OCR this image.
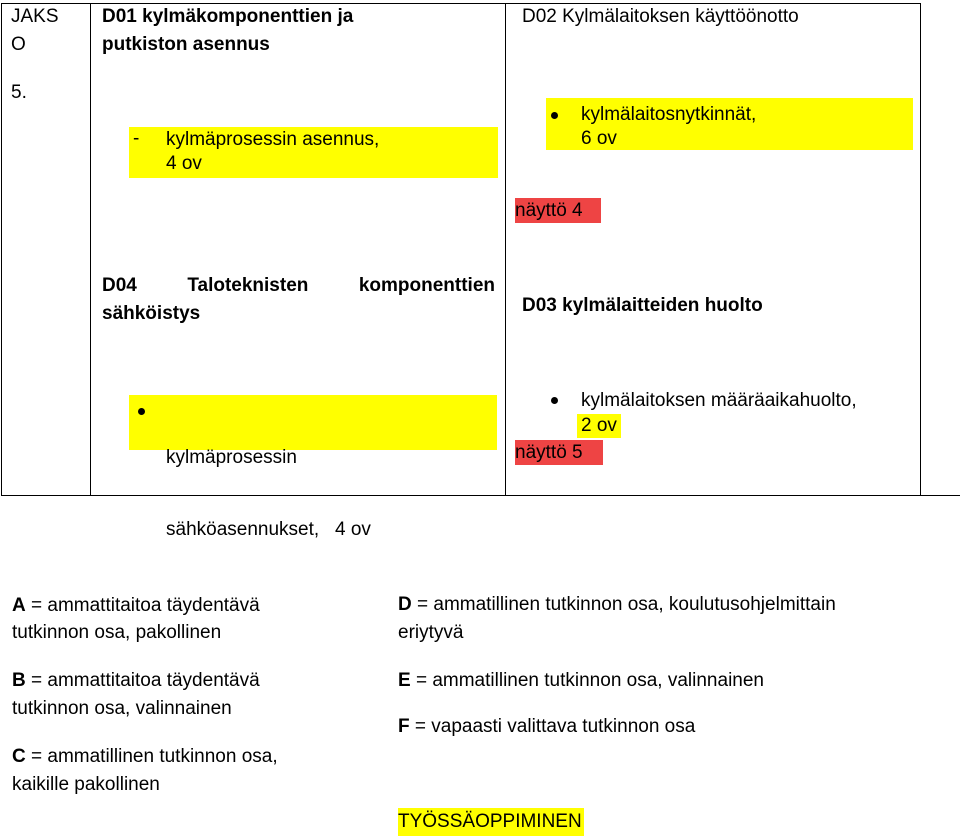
JAKS
O
5.
D01 kylmäkomponenttien ja
putkiston asennus
- kylmäprosessin asennus,
4 ov
D02 Kylmälaitoksen käyttöönotto
kylmälaitosnytkinnät,
6 ov
näyttö 4
D04	Taloteknisten	komponenttien
sähköistys

kylmäprosessin

sähköasennukset,   4 ov

D03 kylmälaitteiden huolto
kylmälaitoksen määräaikahuolto,
2 ov
näyttö 5
A = ammattitaitoa täydentävä
tutkinnon osa, pakollinen
B = ammattitaitoa täydentävä
tutkinnon osa, valinnainen
C = ammatillinen tutkinnon osa,
kaikille pakollinen
D = ammatillinen tutkinnon osa, koulutusohjelmittain
eriytyvä
E = ammatillinen tutkinnon osa, valinnainen
F = vapaasti valittava tutkinnon osa
TYÖSSÄOPPIMINEN
